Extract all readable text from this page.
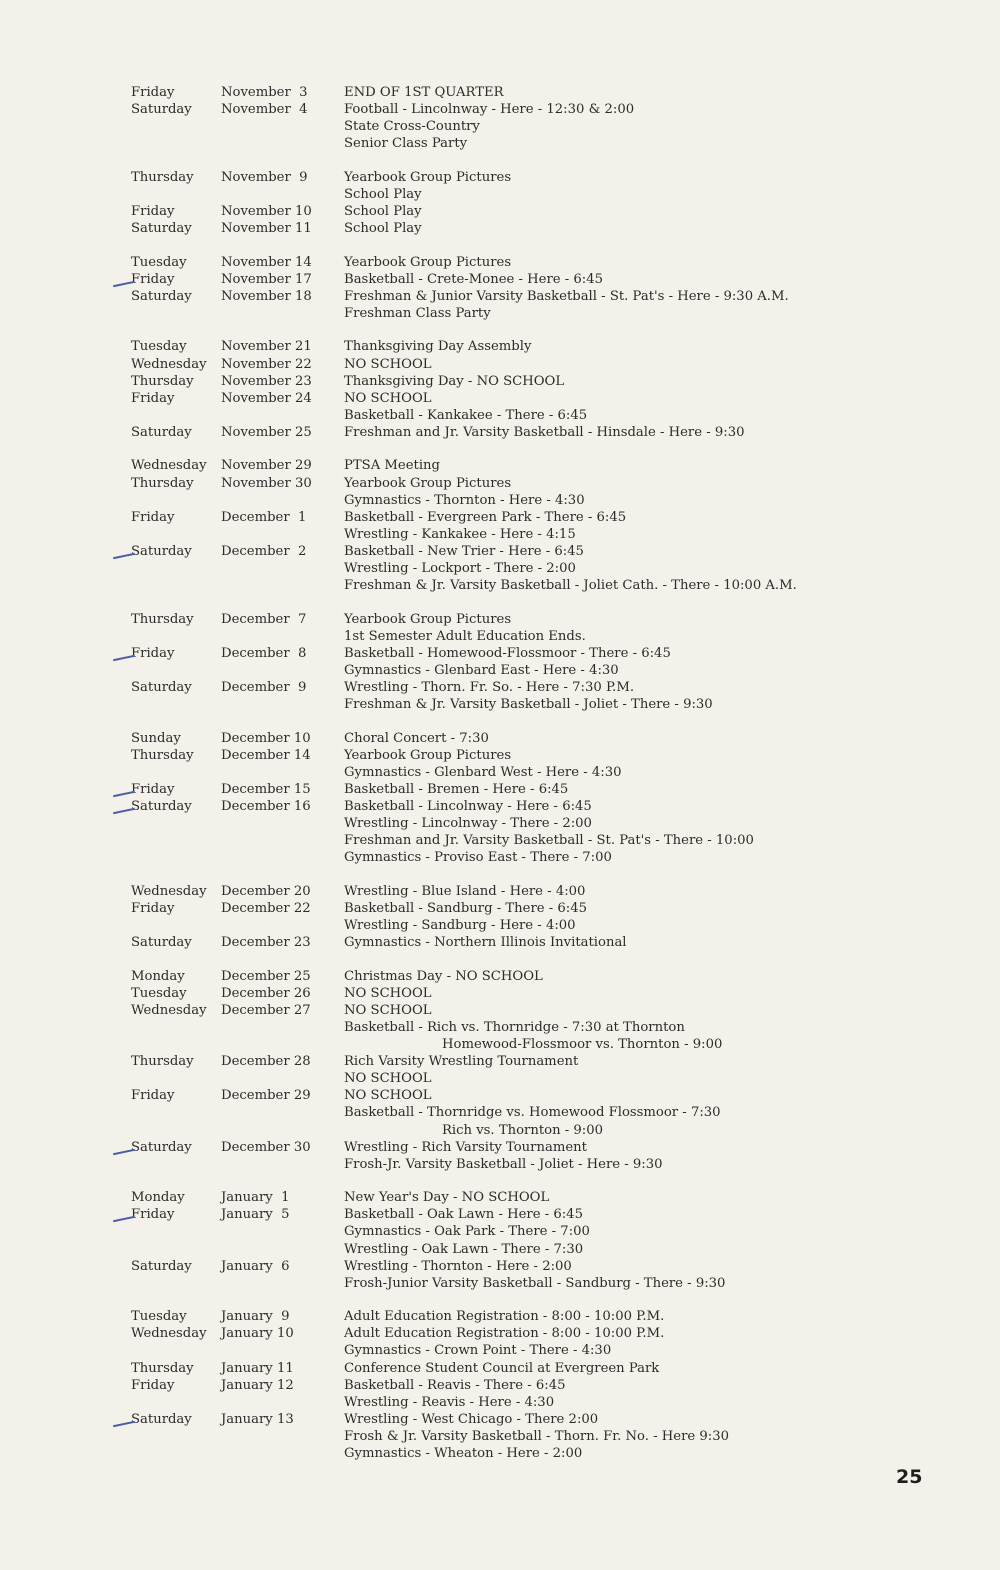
Friday	November  3	END OF 1ST QUARTER
Saturday November  4	Football - Lincolnway - Here - 12:30 & 2:00
State Cross-Country
Senior Class Party
Thursday November  9	Yearbook Group Pictures
School Play
Friday	November 10 School Play
Saturday November 11 School Play
Tuesday	November 14 Yearbook Group Pictures
Friday	November 17 Basketball - Crete-Monee - Here - 6:45
Saturday November 18 Freshman & Junior Varsity Basketball - St. Pat's - Here - 9:30 A.M.
Freshman Class Party
Tuesday	November 21 Thanksgiving Day Assembly
Wednesday November 22 NO SCHOOL
Thursday November 23 Thanksgiving Day - NO SCHOOL
Friday	November 24 NO SCHOOL
Basketball - Kankakee - There - 6:45
Saturday November 25 Freshman and Jr. Varsity Basketball - Hinsdale - Here - 9:30
Wednesday November 29 PTSA Meeting
Thursday November 30 Yearbook Group Pictures
Gymnastics - Thornton - Here - 4:30
Friday	December  1	Basketball - Evergreen Park - There - 6:45
Wrestling - Kankakee - Here - 4:15
Saturday December  2	Basketball - New Trier - Here - 6:45
Wrestling - Lockport - There - 2:00
Freshman & Jr. Varsity Basketball - Joliet Cath. - There - 10:00 A.M.
Thursday December  7	Yearbook Group Pictures
1st Semester Adult Education Ends.
Friday	December  8	Basketball - Homewood-Flossmoor - There - 6:45
Gymnastics - Glenbard East - Here - 4:30
Saturday December  9	Wrestling - Thorn. Fr. So. - Here - 7:30 P.M.
Freshman & Jr. Varsity Basketball - Joliet - There - 9:30
Sunday	December 10	Choral Concert - 7:30
Thursday December 14	Yearbook Group Pictures
Gymnastics - Glenbard West - Here - 4:30
Friday	December 15	Basketball - Bremen - Here - 6:45
Saturday December 16	Basketball - Lincolnway - Here - 6:45
Wrestling - Lincolnway - There - 2:00
Freshman and Jr. Varsity Basketball - St. Pat's - There - 10:00
Gymnastics - Proviso East - There - 7:00
Wednesday December 20	Wrestling - Blue Island - Here - 4:00
Friday	December 22	Basketball - Sandburg - There - 6:45
Wrestling - Sandburg - Here - 4:00
Saturday December 23	Gymnastics - Northern Illinois Invitational
Monday	December 25	Christmas Day - NO SCHOOL
Tuesday	December 26	NO SCHOOL
Wednesday December 27	NO SCHOOL
Basketball - Rich vs. Thornridge - 7:30 at Thornton
Homewood-Flossmoor vs. Thornton - 9:00
Thursday December 28	Rich Varsity Wrestling Tournament
NO SCHOOL
Friday	December 29	NO SCHOOL
Basketball - Thornridge vs. Homewood Flossmoor - 7:30
Rich vs. Thornton - 9:00
Saturday December 30	Wrestling - Rich Varsity Tournament
Frosh-Jr. Varsity Basketball - Joliet - Here - 9:30
Monday	January  1	New Year's Day - NO SCHOOL
Friday	January  5	Basketball - Oak Lawn - Here - 6:45
Gymnastics - Oak Park - There - 7:00
Wrestling - Oak Lawn - There - 7:30
Saturday January  6	Wrestling - Thornton - Here - 2:00
Frosh-Junior Varsity Basketball - Sandburg - There - 9:30
Tuesday	January  9	Adult Education Registration - 8:00 - 10:00 P.M.
Wednesday January 10	Adult Education Registration - 8:00 - 10:00 P.M.
Gymnastics - Crown Point - There - 4:30
Thursday January 11	Conference Student Council at Evergreen Park
Friday	January 12	Basketball - Reavis - There - 6:45
Wrestling - Reavis - Here - 4:30
Saturday January 13	Wrestling - West Chicago - There 2:00
Frosh & Jr. Varsity Basketball - Thorn. Fr. No. - Here 9:30
Gymnastics - Wheaton - Here - 2:00
25
